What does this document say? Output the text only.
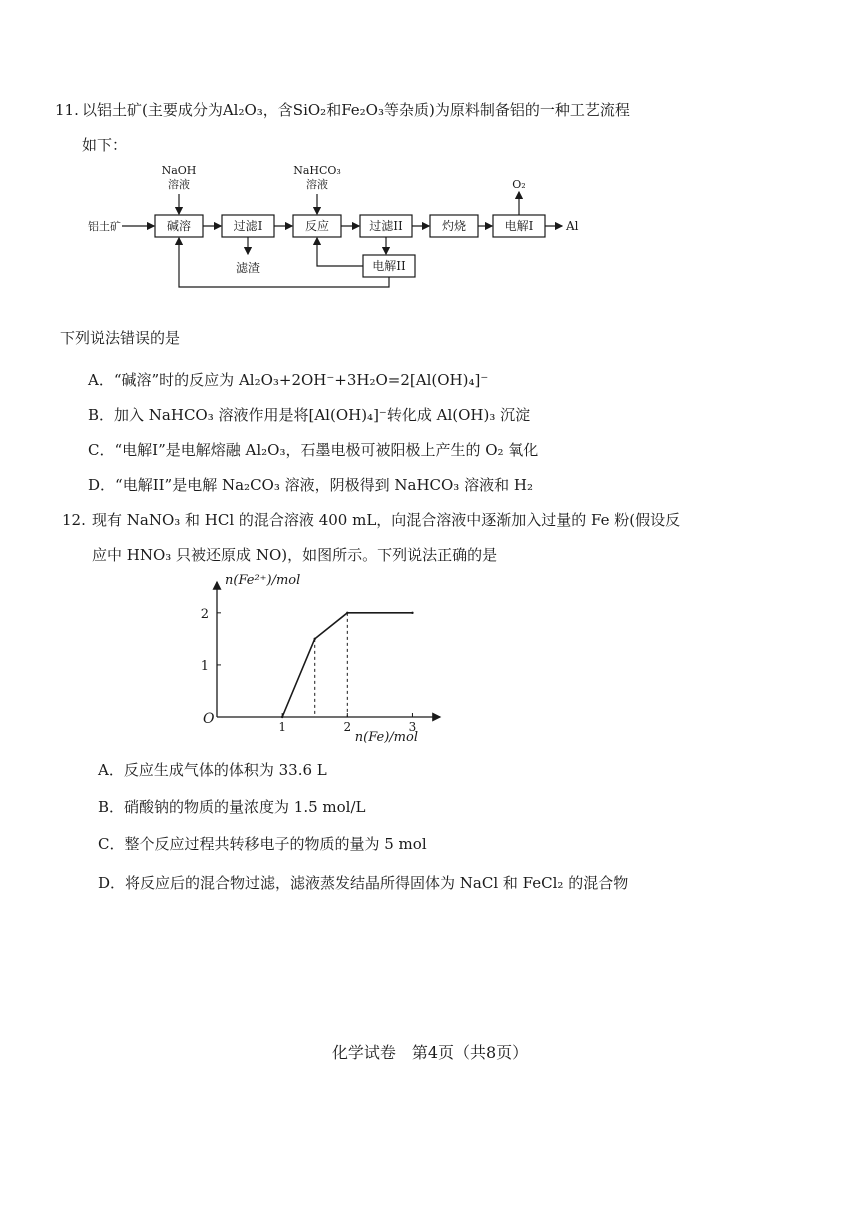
11. 以铝土矿(主要成分为Al₂O₃，含SiO₂和Fe₂O₃等杂质)为原料制备铝的一种工艺流程
如下：
铝土矿
NaOH
溶液
NaHCO₃
溶液	O₂
碱溶	过滤I	反应	过滤II	灼烧	电解I
电解II
滤渣
Al
下列说法错误的是
A．“碱溶”时的反应为 Al₂O₃+2OH⁻+3H₂O=2[Al(OH)₄]⁻
B．加入 NaHCO₃ 溶液作用是将[Al(OH)₄]⁻转化成 Al(OH)₃ 沉淀
C．“电解I”是电解熔融 Al₂O₃，石墨电极可被阳极上产生的 O₂ 氧化
D．“电解II”是电解 Na₂CO₃ 溶液，阴极得到 NaHCO₃ 溶液和 H₂
12. 现有 NaNO₃ 和 HCl 的混合溶液 400 mL，向混合溶液中逐渐加入过量的 Fe 粉(假设反
应中 HNO₃ 只被还原成 NO)，如图所示。下列说法正确的是
n(Fe²⁺)/mol
n(Fe)/mol
O	1	2	3
1
2
A．反应生成气体的体积为 33.6 L
B．硝酸钠的物质的量浓度为 1.5 mol/L
C．整个反应过程共转移电子的物质的量为 5 mol
D．将反应后的混合物过滤，滤液蒸发结晶所得固体为 NaCl 和 FeCl₂ 的混合物
化学试卷　第4页（共8页）
